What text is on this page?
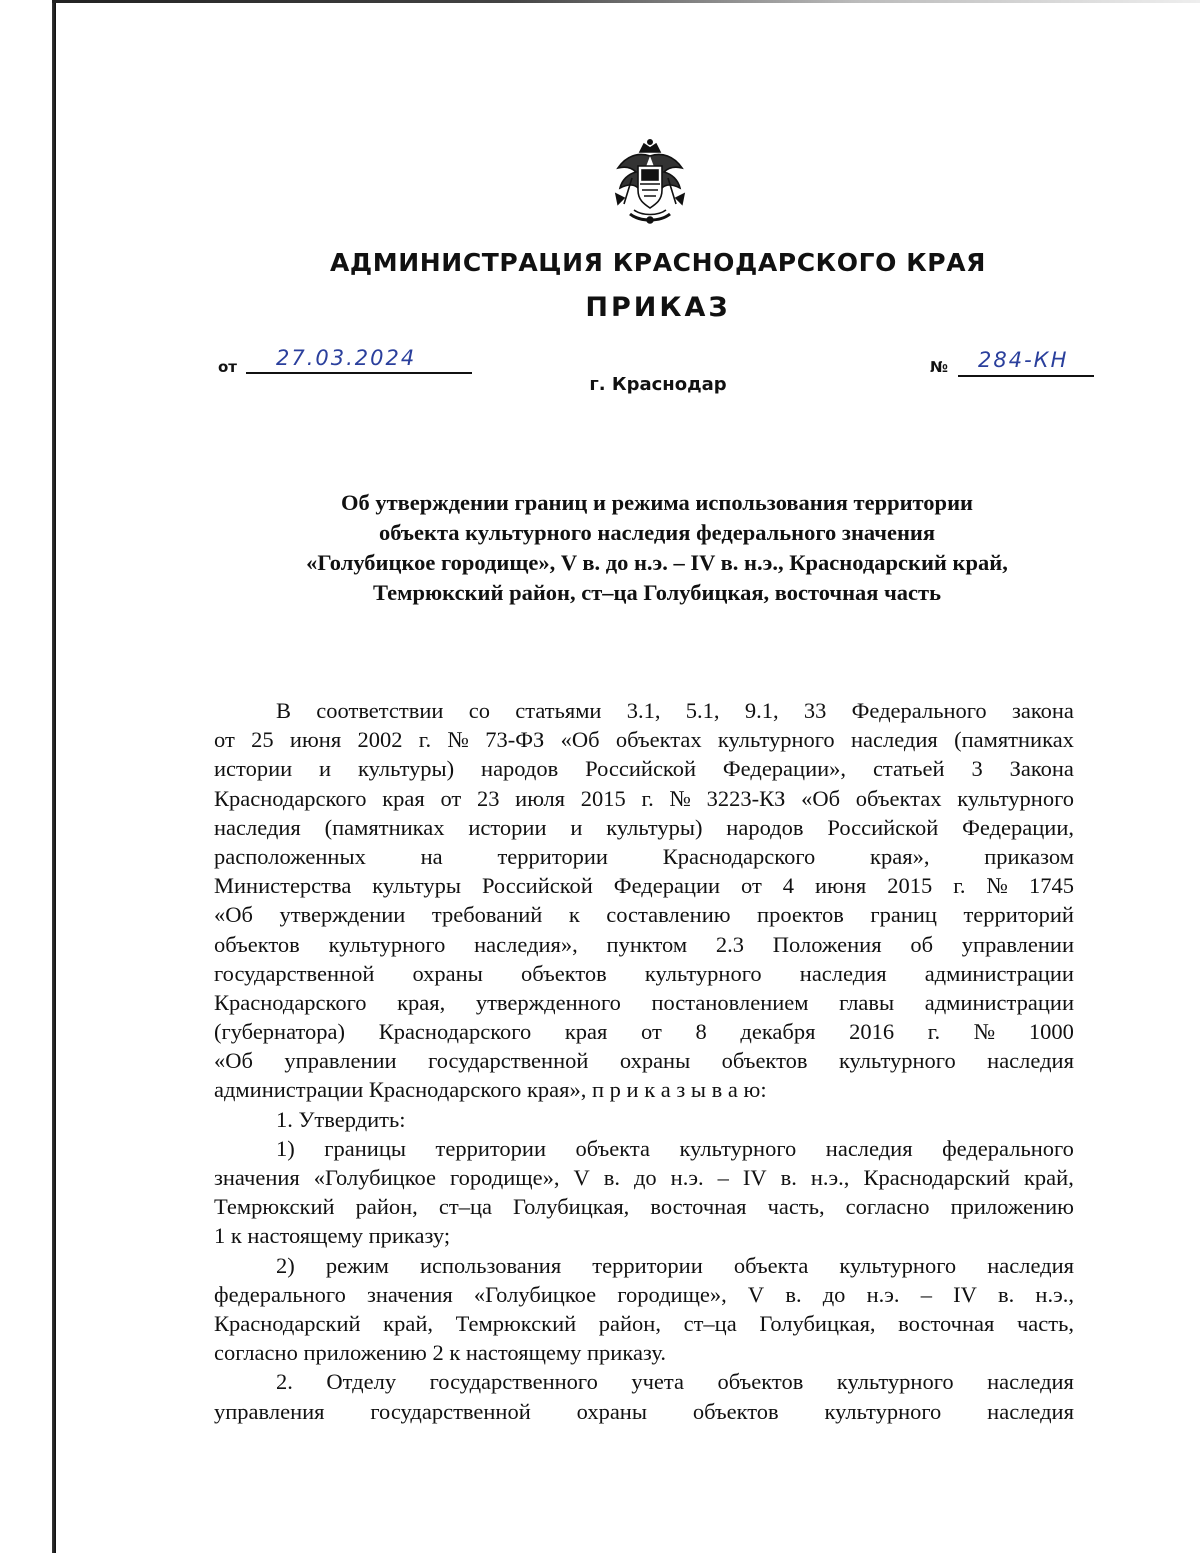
АДМИНИСТРАЦИЯ КРАСНОДАРСКОГО КРАЯ
ПРИКАЗ
от 27.03.2024	№ 284-КН
г. Краснодар
Об утверждении границ и режима использования территории
объекта культурного наследия федерального значения
«Голубицкое городище», V в. до н.э. – IV в. н.э., Краснодарский край,
Темрюкский район, ст–ца Голубицкая, восточная часть
В соответствии со статьями 3.1, 5.1, 9.1, 33 Федерального закона
от 25 июня 2002 г. № 73-ФЗ «Об объектах культурного наследия (памятниках
истории и культуры) народов Российской Федерации», статьей 3 Закона
Краснодарского края от 23 июля 2015 г. № 3223-КЗ «Об объектах культурного
наследия (памятниках истории и культуры) народов Российской Федерации,
расположенных на территории Краснодарского края», приказом
Министерства культуры Российской Федерации от 4 июня 2015 г. № 1745
«Об утверждении требований к составлению проектов границ территорий
объектов культурного наследия», пунктом 2.3 Положения об управлении
государственной охраны объектов культурного наследия администрации
Краснодарского края, утвержденного постановлением главы администрации
(губернатора) Краснодарского края от 8 декабря 2016 г. № 1000
«Об управлении государственной охраны объектов культурного наследия
администрации Краснодарского края», п р и к а з ы в а ю:
1. Утвердить:
1) границы территории объекта культурного наследия федерального
значения «Голубицкое городище», V в. до н.э. – IV в. н.э., Краснодарский край,
Темрюкский район, ст–ца Голубицкая, восточная часть, согласно приложению
1 к настоящему приказу;
2) режим использования территории объекта культурного наследия
федерального значения «Голубицкое городище», V в. до н.э. – IV в. н.э.,
Краснодарский край, Темрюкский район, ст–ца Голубицкая, восточная часть,
согласно приложению 2 к настоящему приказу.
2. Отделу государственного учета объектов культурного наследия
управления государственной охраны объектов культурного наследия
